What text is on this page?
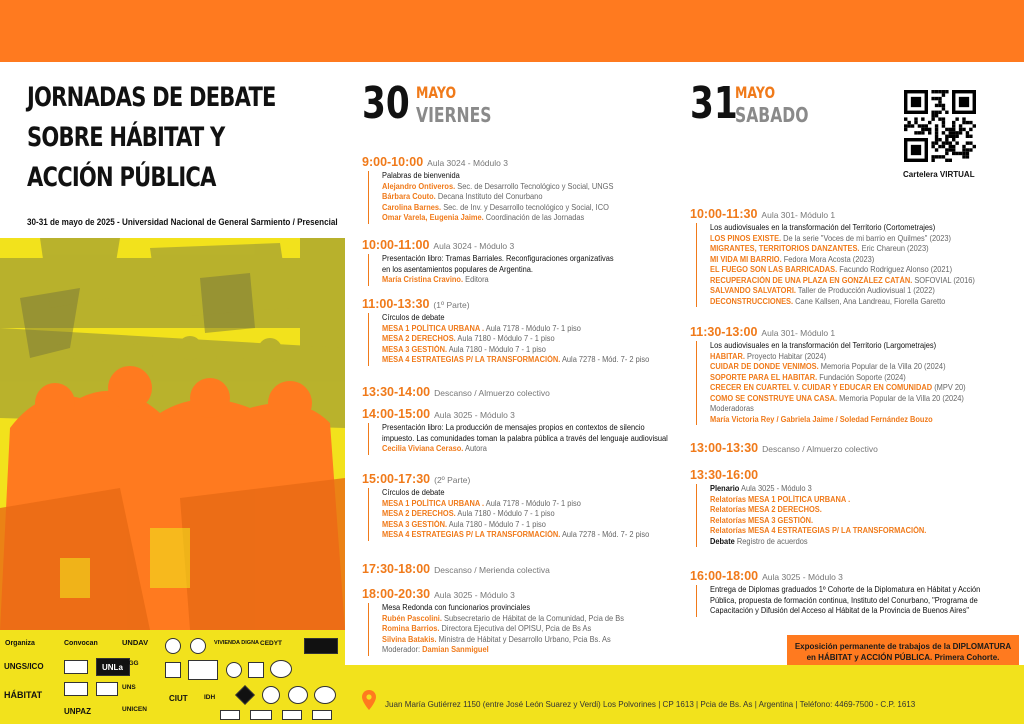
JORNADAS DE DEBATE
SOBRE HÁBITAT Y
ACCIÓN PÚBLICA
30-31 de mayo de 2025 - Universidad Nacional de General Sarmiento / Presencial
Organiza	Convocan
UNGS/ICO
HÁBITAT
UNLa
UNPAZ
UNDAV
IRGG
UNS
UNICEN
VIVIENDA DIGNA CEDYT
CIUT	IDH
30 MAYO
VIERNES	31
MAYO
SABADO
Cartelera VIRTUAL
9:00-10:00 Aula 3024 - Módulo 3
Palabras de bienvenida
Alejandro Ontiveros. Sec. de Desarrollo Tecnológico y Social, UNGS
Bárbara Couto. Decana Instituto del Conurbano
Carolina Barnes. Sec. de Inv. y Desarrollo tecnológico y Social, ICO
Omar Varela, Eugenia Jaime. Coordinación de las Jornadas
10:00-11:00 Aula 3024 - Módulo 3
Presentación libro: Tramas Barriales. Reconfiguraciones organizativas
en los asentamientos populares de Argentina.
María Cristina Cravino. Editora
11:00-13:30 (1º Parte)
Círculos de debate
MESA 1 POLÍTICA URBANA . Aula 7178 - Módulo 7- 1 piso
MESA 2 DERECHOS. Aula 7180 - Módulo 7 - 1 piso
MESA 3 GESTIÓN. Aula 7180 - Módulo 7 - 1 piso
MESA 4 ESTRATEGIAS P/ LA TRANSFORMACIÓN. Aula 7278 - Mód. 7- 2 piso
13:30-14:00 Descanso / Almuerzo colectivo
14:00-15:00 Aula 3025 - Módulo 3
Presentación libro: La producción de mensajes propios en contextos de silencio
impuesto. Las comunidades toman la palabra pública a través del lenguaje audiovisual
Cecilia Viviana Ceraso. Autora
15:00-17:30 (2º Parte)
Círculos de debate
MESA 1 POLÍTICA URBANA . Aula 7178 - Módulo 7- 1 piso
MESA 2 DERECHOS. Aula 7180 - Módulo 7 - 1 piso
MESA 3 GESTIÓN. Aula 7180 - Módulo 7 - 1 piso
MESA 4 ESTRATEGIAS P/ LA TRANSFORMACIÓN. Aula 7278 - Mód. 7- 2 piso
17:30-18:00 Descanso / Merienda colectiva
18:00-20:30 Aula 3025 - Módulo 3
Mesa Redonda con funcionarios provinciales
Rubén Pascolini. Subsecretario de Hábitat de la Comunidad, Pcia de Bs
Romina Barrios. Directora Ejecutiva del OPISU, Pcia de Bs As
Silvina Batakis. Ministra de Hábitat y Desarrollo Urbano, Pcia Bs. As
Moderador: Damian Sanmiguel
10:00-11:30 Aula 301- Módulo 1
Los audiovisuales en la transformación del Territorio (Cortometrajes)
LOS PINOS EXISTE. De la serie "Voces de mi barrio en Quilmes" (2023)
MIGRANTES, TERRITORIOS DANZANTES. Eric Chareun (2023)
MI VIDA MI BARRIO. Fedora Mora Acosta (2023)
EL FUEGO SON LAS BARRICADAS. Facundo Rodriguez Alonso (2021)
RECUPERACIÓN DE UNA PLAZA EN GONZÁLEZ CATÁN. SOFOVIAL (2016)
SALVANDO SALVATORI. Taller de Producción Audiovisual 1 (2022)
DECONSTRUCCIONES. Cane Kallsen, Ana Landreau, Fiorella Garetto
11:30-13:00 Aula 301- Módulo 1
Los audiovisuales en la transformación del Territorio (Largometrajes)
HABITAR. Proyecto Habitar (2024)
CUIDAR DE DONDE VENIMOS. Memoria Popular de la Villa 20 (2024)
SOPORTE PARA EL HABITAR. Fundación Soporte (2024)
CRECER EN CUARTEL V. CUIDAR Y EDUCAR EN COMUNIDAD (MPV 20)
COMO SE CONSTRUYE UNA CASA. Memoria Popular de la Villa 20 (2024)
Moderadoras
María Victoria Rey / Gabriela Jaime / Soledad Fernández Bouzo
13:00-13:30 Descanso / Almuerzo colectivo
13:30-16:00
Plenario Aula 3025 - Módulo 3
Relatorías MESA 1 POLÍTICA URBANA .
Relatorías MESA 2 DERECHOS.
Relatorías MESA 3 GESTIÓN.
Relatorías MESA 4 ESTRATEGIAS P/ LA TRANSFORMACIÓN.
Debate Registro de acuerdos
16:00-18:00 Aula 3025 - Módulo 3
Entrega de Diplomas graduados 1º Cohorte de la Diplomatura en Hábitat y Acción
Pública, propuesta de formación continua, Instituto del Conurbano, "Programa de
Capacitación y Difusión del Acceso al Hábitat de la Provincia de Buenos Aires"
Exposición permanente de trabajos de la DIPLOMATURA
en HÁBITAT y ACCIÓN PÚBLICA. Primera Cohorte.
Juan María Gutiérrez 1150 (entre José León Suarez y Verdi) Los Polvorines | CP 1613 | Pcia de Bs. As | Argentina | Teléfono: 4469-7500 - C.P. 1613
